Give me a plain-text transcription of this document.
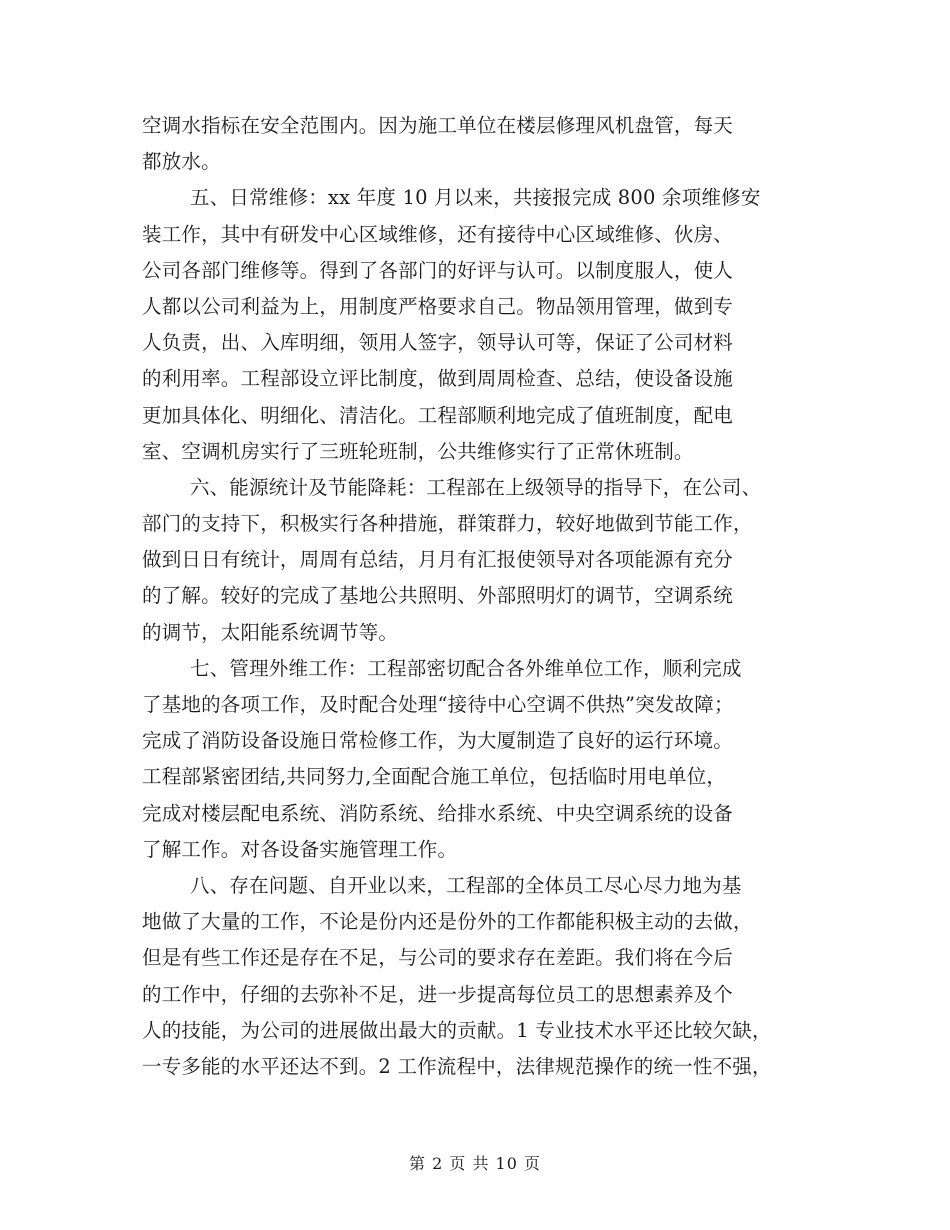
空调水指标在安全范围内。因为施工单位在楼层修理风机盘管，每天
都放水。
五、日常维修：xx 年度 10 月以来，共接报完成 800 余项维修安
装工作，其中有研发中心区域维修，还有接待中心区域维修、伙房、
公司各部门维修等。得到了各部门的好评与认可。以制度服人，使人
人都以公司利益为上，用制度严格要求自己。物品领用管理，做到专
人负责，出、入库明细，领用人签字，领导认可等，保证了公司材料
的利用率。工程部设立评比制度，做到周周检查、总结，使设备设施
更加具体化、明细化、清洁化。工程部顺利地完成了值班制度，配电
室、空调机房实行了三班轮班制，公共维修实行了正常休班制。
六、能源统计及节能降耗：工程部在上级领导的指导下，在公司、
部门的支持下，积极实行各种措施，群策群力，较好地做到节能工作，
做到日日有统计，周周有总结，月月有汇报使领导对各项能源有充分
的了解。较好的完成了基地公共照明、外部照明灯的调节，空调系统
的调节，太阳能系统调节等。
七、管理外维工作：工程部密切配合各外维单位工作，顺利完成
了基地的各项工作，及时配合处理“接待中心空调不供热”突发故障；
完成了消防设备设施日常检修工作，为大厦制造了良好的运行环境。
工程部紧密团结,共同努力,全面配合施工单位，包括临时用电单位，
完成对楼层配电系统、消防系统、给排水系统、中央空调系统的设备
了解工作。对各设备实施管理工作。
八、存在问题、自开业以来，工程部的全体员工尽心尽力地为基
地做了大量的工作，不论是份内还是份外的工作都能积极主动的去做，
但是有些工作还是存在不足，与公司的要求存在差距。我们将在今后
的工作中，仔细的去弥补不足，进一步提高每位员工的思想素养及个
人的技能，为公司的进展做出最大的贡献。1 专业技术水平还比较欠缺，
一专多能的水平还达不到。2 工作流程中，法律规范操作的统一性不强，
第 2 页 共 10 页
